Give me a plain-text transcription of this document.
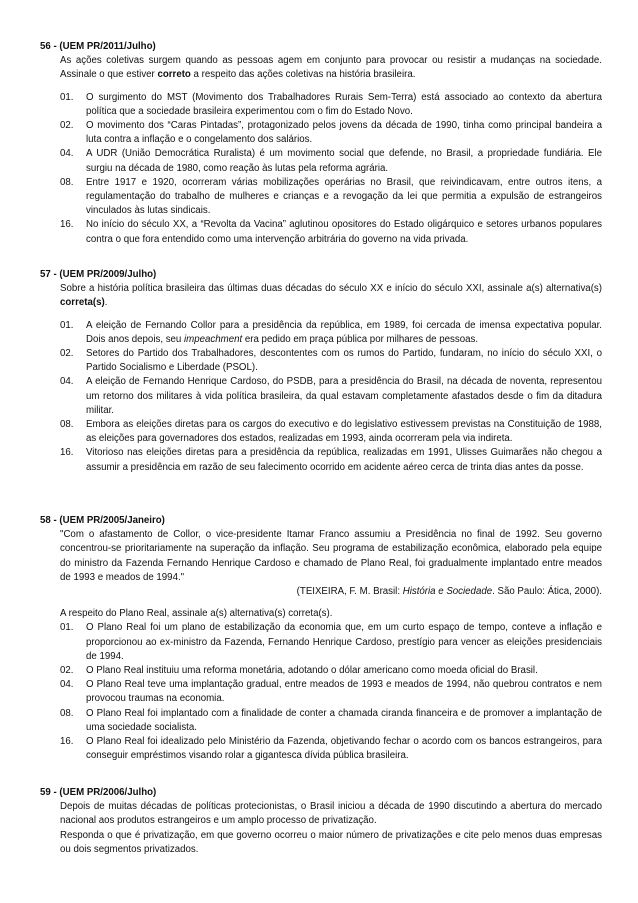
56 - (UEM PR/2011/Julho)
As ações coletivas surgem quando as pessoas agem em conjunto para provocar ou resistir a mudanças na sociedade. Assinale o que estiver correto a respeito das ações coletivas na história brasileira.
01. O surgimento do MST (Movimento dos Trabalhadores Rurais Sem-Terra) está associado ao contexto da abertura política que a sociedade brasileira experimentou com o fim do Estado Novo.
02. O movimento dos “Caras Pintadas”, protagonizado pelos jovens da década de 1990, tinha como principal bandeira a luta contra a inflação e o congelamento dos salários.
04. A UDR (União Democrática Ruralista) é um movimento social que defende, no Brasil, a propriedade fundiária. Ele surgiu na década de 1980, como reação às lutas pela reforma agrária.
08. Entre 1917 e 1920, ocorreram várias mobilizações operárias no Brasil, que reivindicavam, entre outros itens, a regulamentação do trabalho de mulheres e crianças e a revogação da lei que permitia a expulsão de estrangeiros vinculados às lutas sindicais.
16. No início do século XX, a “Revolta da Vacina” aglutinou opositores do Estado oligárquico e setores urbanos populares contra o que fora entendido como uma intervenção arbitrária do governo na vida privada.
57 - (UEM PR/2009/Julho)
Sobre a história política brasileira das últimas duas décadas do século XX e início do século XXI, assinale a(s) alternativa(s) correta(s).
01. A eleição de Fernando Collor para a presidência da república, em 1989, foi cercada de imensa expectativa popular. Dois anos depois, seu impeachment era pedido em praça pública por milhares de pessoas.
02. Setores do Partido dos Trabalhadores, descontentes com os rumos do Partido, fundaram, no início do século XXI, o Partido Socialismo e Liberdade (PSOL).
04. A eleição de Fernando Henrique Cardoso, do PSDB, para a presidência do Brasil, na década de noventa, representou um retorno dos militares à vida política brasileira, da qual estavam completamente afastados desde o fim da ditadura militar.
08. Embora as eleições diretas para os cargos do executivo e do legislativo estivessem previstas na Constituição de 1988, as eleições para governadores dos estados, realizadas em 1993, ainda ocorreram pela via indireta.
16. Vitorioso nas eleições diretas para a presidência da república, realizadas em 1991, Ulisses Guimarães não chegou a assumir a presidência em razão de seu falecimento ocorrido em acidente aéreo cerca de trinta dias antes da posse.
58 - (UEM PR/2005/Janeiro)
"Com o afastamento de Collor, o vice-presidente Itamar Franco assumiu a Presidência no final de 1992. Seu governo concentrou-se prioritariamente na superação da inflação. Seu programa de estabilização econômica, elaborado pela equipe do ministro da Fazenda Fernando Henrique Cardoso e chamado de Plano Real, foi gradualmente implantado entre meados de 1993 e meados de 1994."
(TEIXEIRA, F. M. Brasil: História e Sociedade. São Paulo: Ática, 2000).
A respeito do Plano Real, assinale a(s) alternativa(s) correta(s).
01. O Plano Real foi um plano de estabilização da economia que, em um curto espaço de tempo, conteve a inflação e proporcionou ao ex-ministro da Fazenda, Fernando Henrique Cardoso, prestígio para vencer as eleições presidenciais de 1994.
02. O Plano Real instituiu uma reforma monetária, adotando o dólar americano como moeda oficial do Brasil.
04. O Plano Real teve uma implantação gradual, entre meados de 1993 e meados de 1994, não quebrou contratos e nem provocou traumas na economia.
08. O Plano Real foi implantado com a finalidade de conter a chamada ciranda financeira e de promover a implantação de uma sociedade socialista.
16. O Plano Real foi idealizado pelo Ministério da Fazenda, objetivando fechar o acordo com os bancos estrangeiros, para conseguir empréstimos visando rolar a gigantesca dívida pública brasileira.
59 - (UEM PR/2006/Julho)
Depois de muitas décadas de políticas protecionistas, o Brasil iniciou a década de 1990 discutindo a abertura do mercado nacional aos produtos estrangeiros e um amplo processo de privatização.
Responda o que é privatização, em que governo ocorreu o maior número de privatizações e cite pelo menos duas empresas ou dois segmentos privatizados.
